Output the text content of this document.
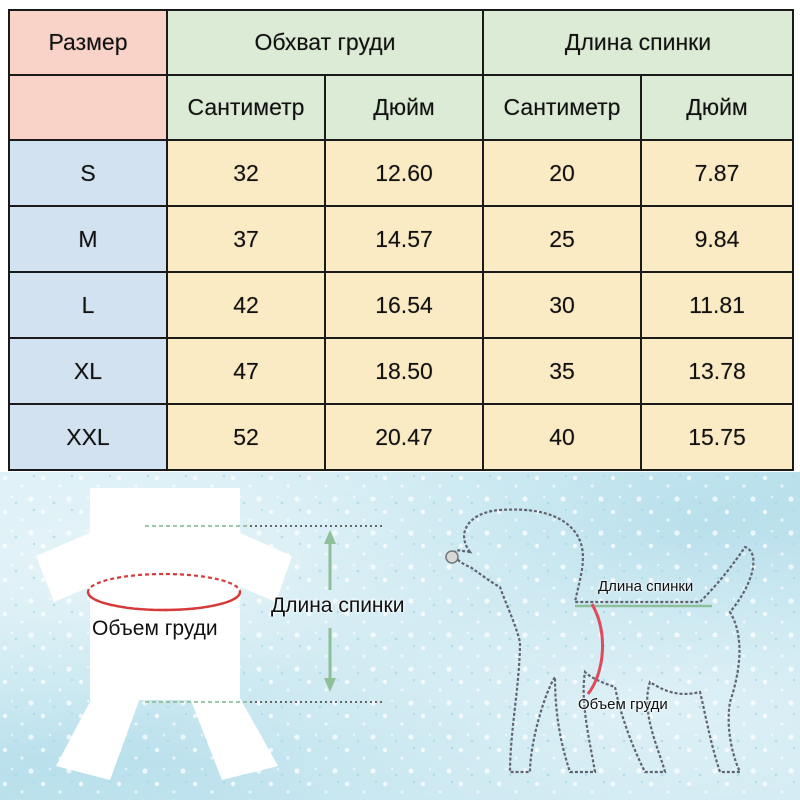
Размер	Обхват груди		Длина спинки	
	Сантиметр	Дюйм	Сантиметр	Дюйм
S	32	12.60	20	7.87
M	37	14.57	25	9.84
L	42	16.54	30	11.81
XL	47	18.50	35	13.78
XXL	52	20.47	40	15.75
Длина спинки
Объем груди
Длина спинки
Объем груди
